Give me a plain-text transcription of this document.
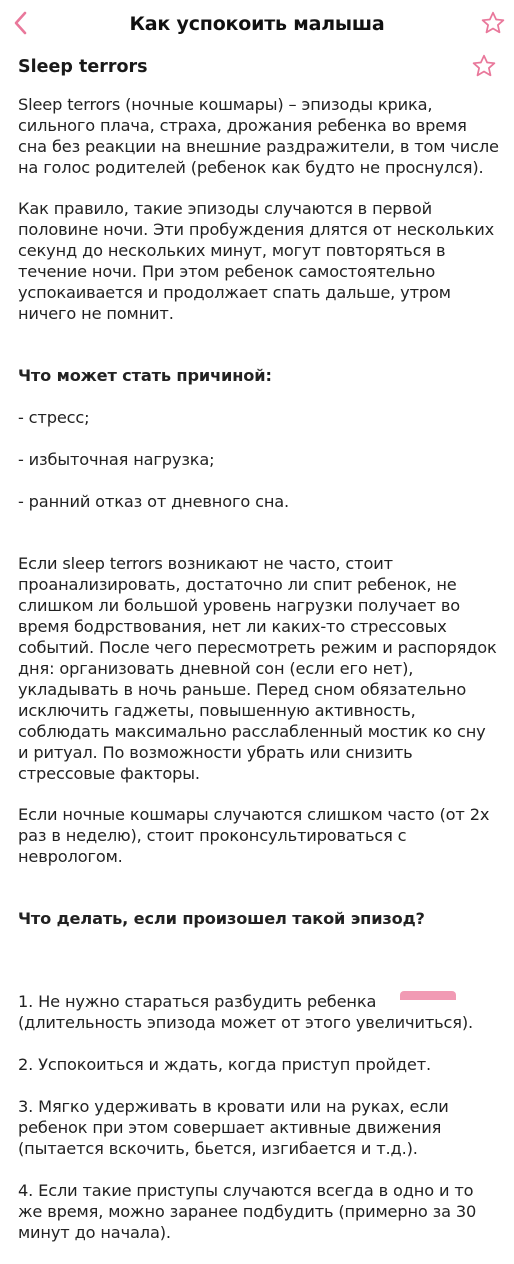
Как успокоить малыша
Sleep terrors

Sleep terrors (ночные кошмары) – эпизоды крика, сильного плача, страха, дрожания ребенка во время сна без реакции на внешние раздражители, в том числе на голос родителей (ребенок как будто не проснулся).

Как правило, такие эпизоды случаются в первой половине ночи. Эти пробуждения длятся от нескольких секунд до нескольких минут, могут повторяться в течение ночи. При этом ребенок самостоятельно успокаивается и продолжает спать дальше, утром ничего не помнит.

Что может стать причиной:

- стресс;

- избыточная нагрузка;

- ранний отказ от дневного сна.

Если sleep terrors возникают не часто, стоит проанализировать, достаточно ли спит ребенок, не слишком ли большой уровень нагрузки получает во время бодрствования, нет ли каких-то стрессовых событий. После чего пересмотреть режим и распорядок дня: организовать дневной сон (если его нет), укладывать в ночь раньше. Перед сном обязательно исключить гаджеты, повышенную активность, соблюдать максимально расслабленный мостик ко сну и ритуал. По возможности убрать или снизить стрессовые факторы.

Если ночные кошмары случаются слишком часто (от 2х раз в неделю), стоит проконсультироваться с неврологом.

Что делать, если произошел такой эпизод?

1. Не нужно стараться разбудить ребенка (длительность эпизода может от этого увеличиться).

2. Успокоиться и ждать, когда приступ пройдет.

3. Мягко удерживать в кровати или на руках, если ребенок при этом совершает активные движения (пытается вскочить, бьется, изгибается и т.д.).

4. Если такие приступы случаются всегда в одно и то же время, можно заранее подбудить (примерно за 30 минут до начала).
